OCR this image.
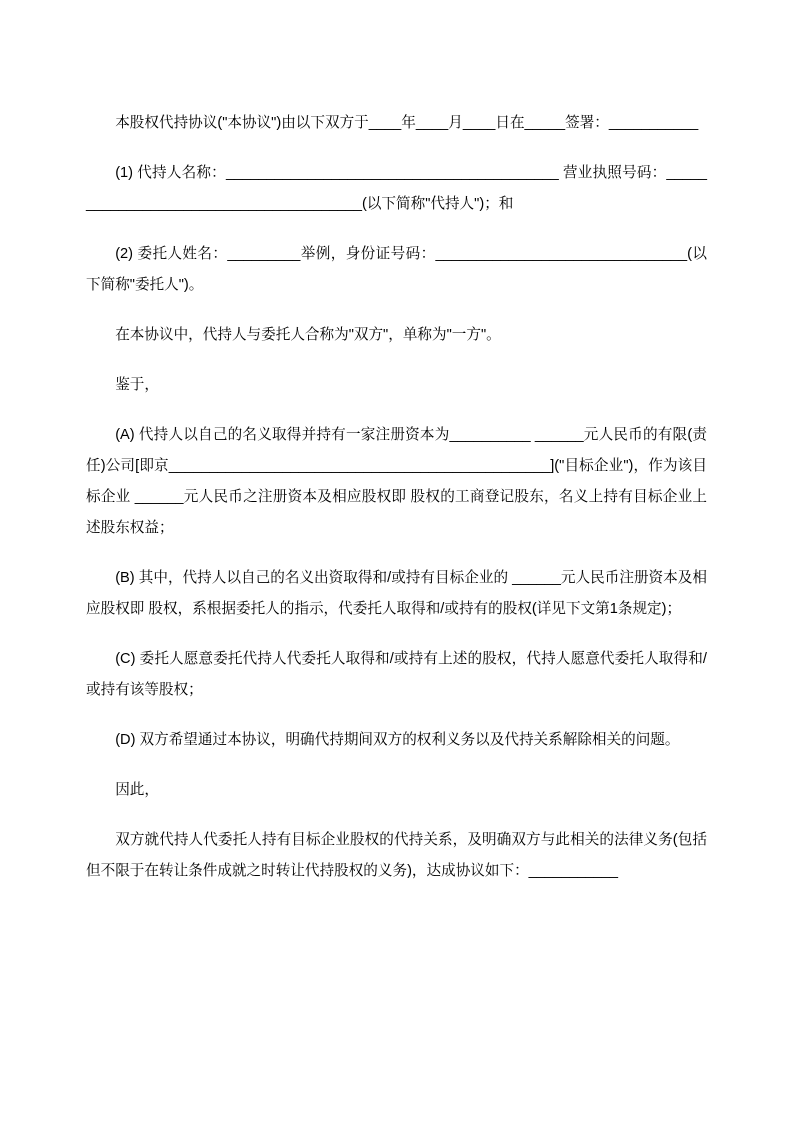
本股权代持协议("本协议")由以下双方于____年____月____日在_____签署：___________

(1) 代持人名称：_________________________________________ 营业执照号码：_______________________________________(以下简称"代持人")；和

(2) 委托人姓名：_________举例，身份证号码：_______________________________(以下简称"委托人")。

在本协议中，代持人与委托人合称为"双方"，单称为"一方"。

鉴于，

(A) 代持人以自己的名义取得并持有一家注册资本为__________ ______元人民币的有限(责任)公司[即京_______________________________________________]("目标企业")，作为该目标企业 ______元人民币之注册资本及相应股权即 股权的工商登记股东，名义上持有目标企业上述股东权益；

(B) 其中，代持人以自己的名义出资取得和/或持有目标企业的 ______元人民币注册资本及相应股权即 股权，系根据委托人的指示，代委托人取得和/或持有的股权(详见下文第1条规定)；

(C) 委托人愿意委托代持人代委托人取得和/或持有上述的股权，代持人愿意代委托人取得和/或持有该等股权；

(D) 双方希望通过本协议，明确代持期间双方的权利义务以及代持关系解除相关的问题。

因此，

双方就代持人代委托人持有目标企业股权的代持关系，及明确双方与此相关的法律义务(包括但不限于在转让条件成就之时转让代持股权的义务)，达成协议如下：___________
